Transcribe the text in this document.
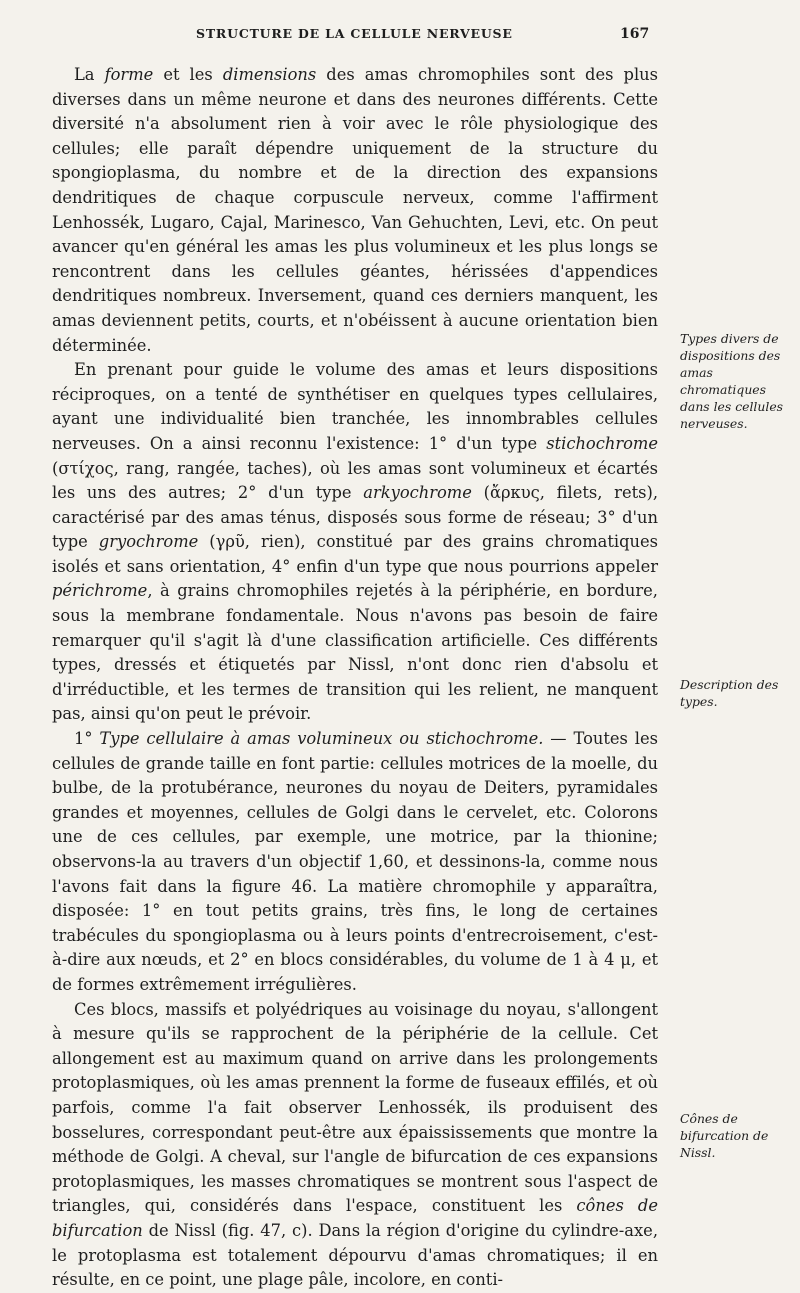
STRUCTURE DE LA CELLULE NERVEUSE	167

La forme et les dimensions des amas chromophiles sont des plus diverses dans un même neurone et dans des neurones différents. Cette diversité n'a absolument rien à voir avec le rôle physiologique des cellules; elle paraît dépendre uniquement de la structure du spongioplasma, du nombre et de la direction des expansions dendritiques de chaque corpuscule nerveux, comme l'affirment Lenhossék, Lugaro, Cajal, Marinesco, Van Gehuchten, Levi, etc. On peut avancer qu'en général les amas les plus volumineux et les plus longs se rencontrent dans les cellules géantes, hérissées d'appendices dendritiques nombreux. Inversement, quand ces derniers manquent, les amas deviennent petits, courts, et n'obéissent à aucune orientation bien déterminée.

En prenant pour guide le volume des amas et leurs dispositions réciproques, on a tenté de synthétiser en quelques types cellulaires, ayant une individualité bien tranchée, les innombrables cellules nerveuses. On a ainsi reconnu l'existence: 1° d'un type stichochrome (στίχος, rang, rangée, taches), où les amas sont volumineux et écartés les uns des autres; 2° d'un type arkyochrome (ἄρκυς, filets, rets), caractérisé par des amas ténus, disposés sous forme de réseau; 3° d'un type gryochrome (γρῦ, rien), constitué par des grains chromatiques isolés et sans orientation, 4° enfin d'un type que nous pourrions appeler périchrome, à grains chromophiles rejetés à la périphérie, en bordure, sous la membrane fondamentale. Nous n'avons pas besoin de faire remarquer qu'il s'agit là d'une classification artificielle. Ces différents types, dressés et étiquetés par Nissl, n'ont donc rien d'absolu et d'irréductible, et les termes de transition qui les relient, ne manquent pas, ainsi qu'on peut le prévoir.

1° Type cellulaire à amas volumineux ou stichochrome. — Toutes les cellules de grande taille en font partie: cellules motrices de la moelle, du bulbe, de la protubérance, neurones du noyau de Deiters, pyramidales grandes et moyennes, cellules de Golgi dans le cervelet, etc. Colorons une de ces cellules, par exemple, une motrice, par la thionine; observons-la au travers d'un objectif 1,60, et dessinons-la, comme nous l'avons fait dans la figure 46. La matière chromophile y apparaîtra, disposée: 1° en tout petits grains, très fins, le long de certaines trabécules du spongioplasma ou à leurs points d'entrecroisement, c'est-à-dire aux nœuds, et 2° en blocs considérables, du volume de 1 à 4 μ, et de formes extrêmement irrégulières.

Ces blocs, massifs et polyédriques au voisinage du noyau, s'allongent à mesure qu'ils se rapprochent de la périphérie de la cellule. Cet allongement est au maximum quand on arrive dans les prolongements protoplasmiques, où les amas prennent la forme de fuseaux effilés, et où parfois, comme l'a fait observer Lenhossék, ils produisent des bosselures, correspondant peut-être aux épaississements que montre la méthode de Golgi. A cheval, sur l'angle de bifurcation de ces expansions protoplasmiques, les masses chromatiques se montrent sous l'aspect de triangles, qui, considérés dans l'espace, constituent les cônes de bifurcation de Nissl (fig. 47, c). Dans la région d'origine du cylindre-axe, le protoplasma est totalement dépourvu d'amas chromatiques; il en résulte, en ce point, une plage pâle, incolore, en conti-

Types divers de dispositions des amas chromatiques dans les cellules nerveuses.
Description des types.
Cônes de bifurcation de Nissl.
